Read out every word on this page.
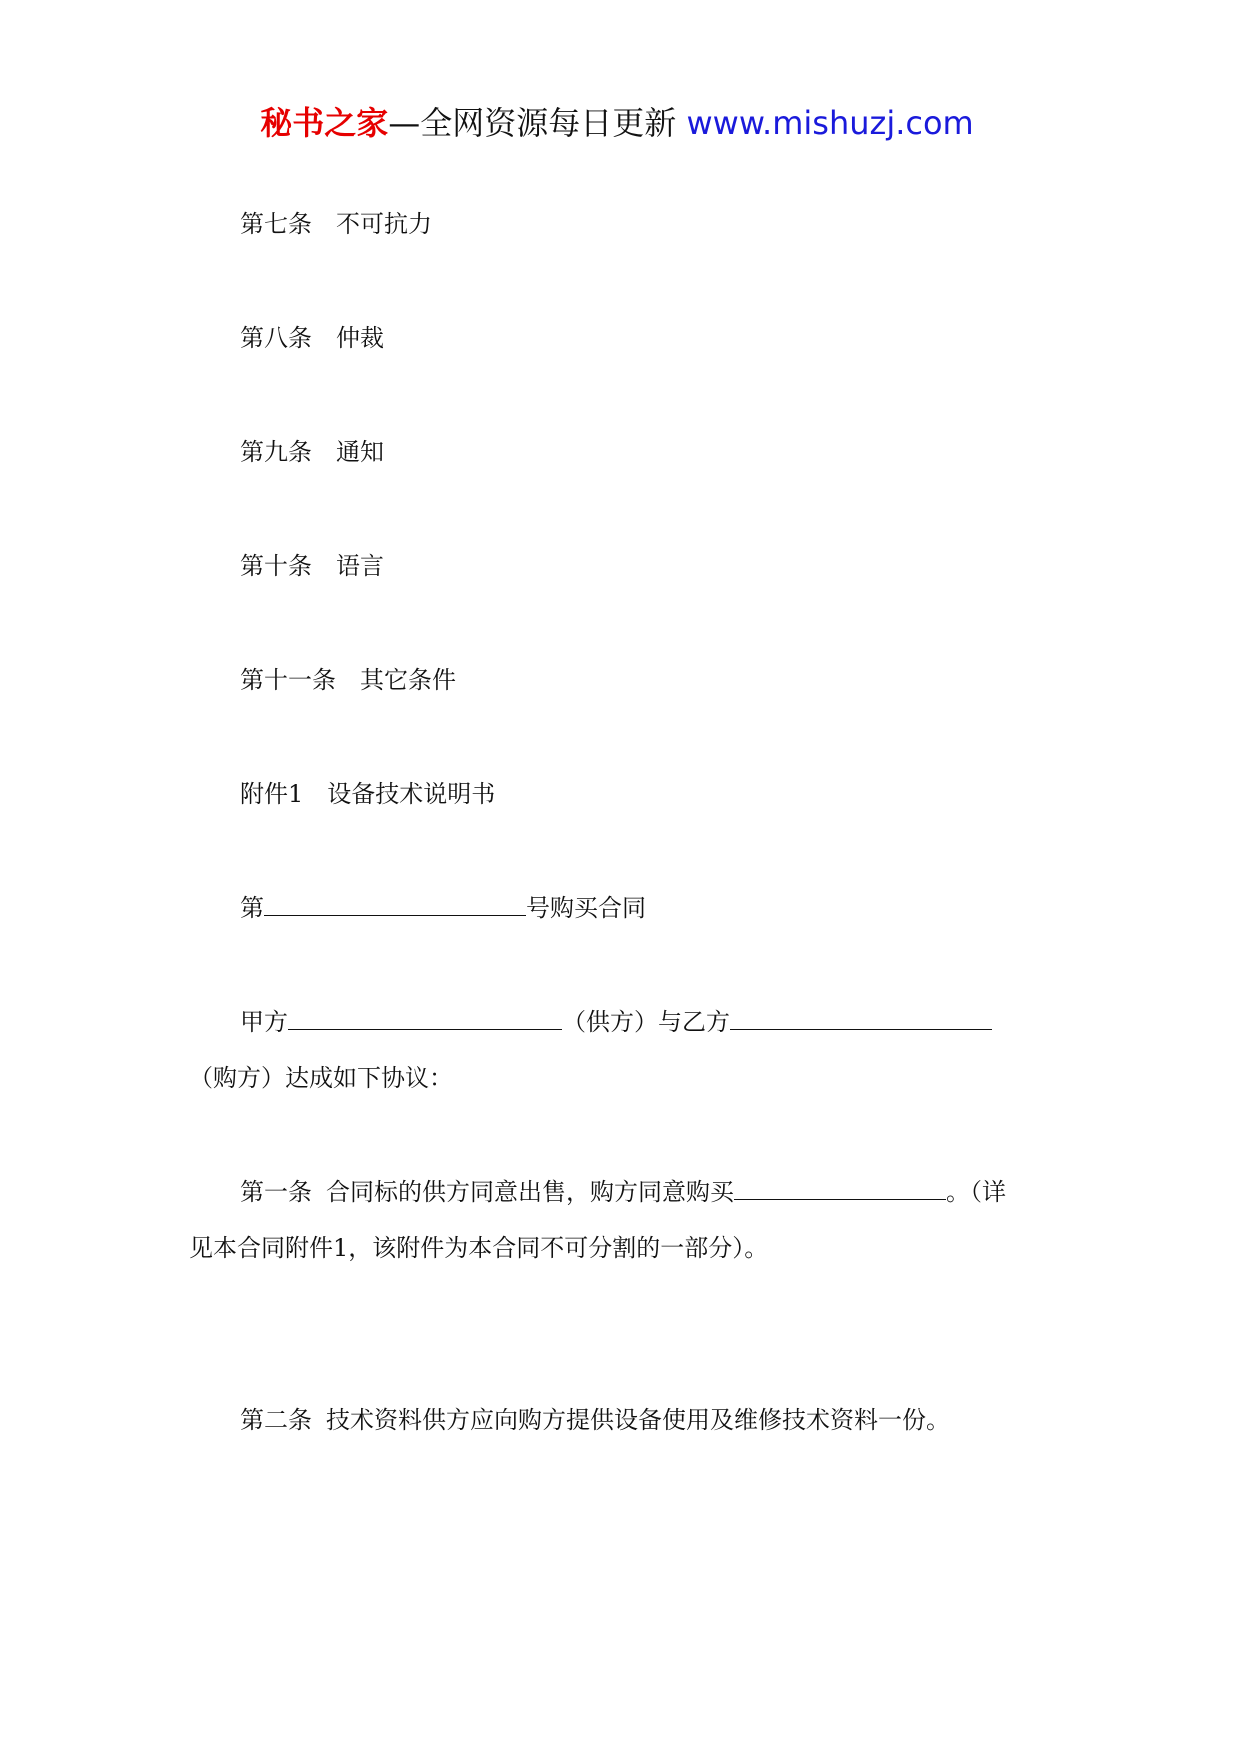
秘书之家—全网资源每日更新 www.mishuzj.com
第七条 不可抗力
第八条 仲裁
第九条 通知
第十条 语言
第十一条 其它条件
附件1 设备技术说明书
第	号购买合同
甲方	（供方）与乙方
（购方）达成如下协议：
第一条 合同标的供方同意出售，购方同意购买	。（详
见本合同附件1，该附件为本合同不可分割的一部分）。
第二条 技术资料供方应向购方提供设备使用及维修技术资料一份。
